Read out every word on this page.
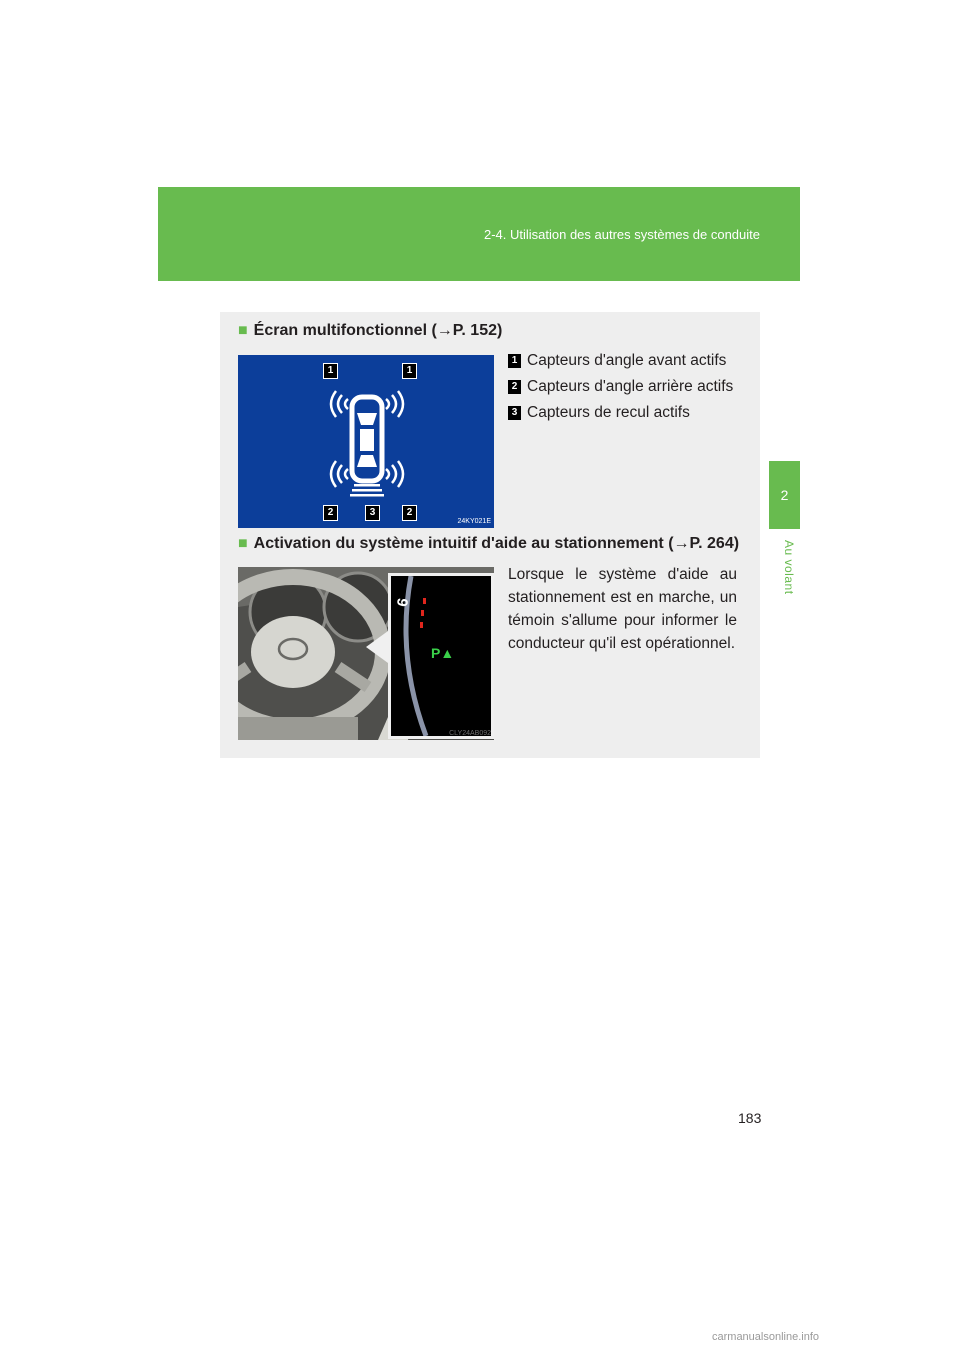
2-4. Utilisation des autres systèmes de conduite
2
Au volant
■ Écran multifonctionnel (→P. 152)
1	1
2	3	2
24KY021E
1 Capteurs d'angle avant actifs
2 Capteurs d'angle arrière actifs
3 Capteurs de recul actifs
■ Activation du système intuitif d'aide au stationnement (→P. 264)
6
P▲
CLY24AB092
Lorsque le système d'aide au stationnement est en marche, un témoin s'allume pour informer le conducteur qu'il est opérationnel.
183
carmanualsonline.info
